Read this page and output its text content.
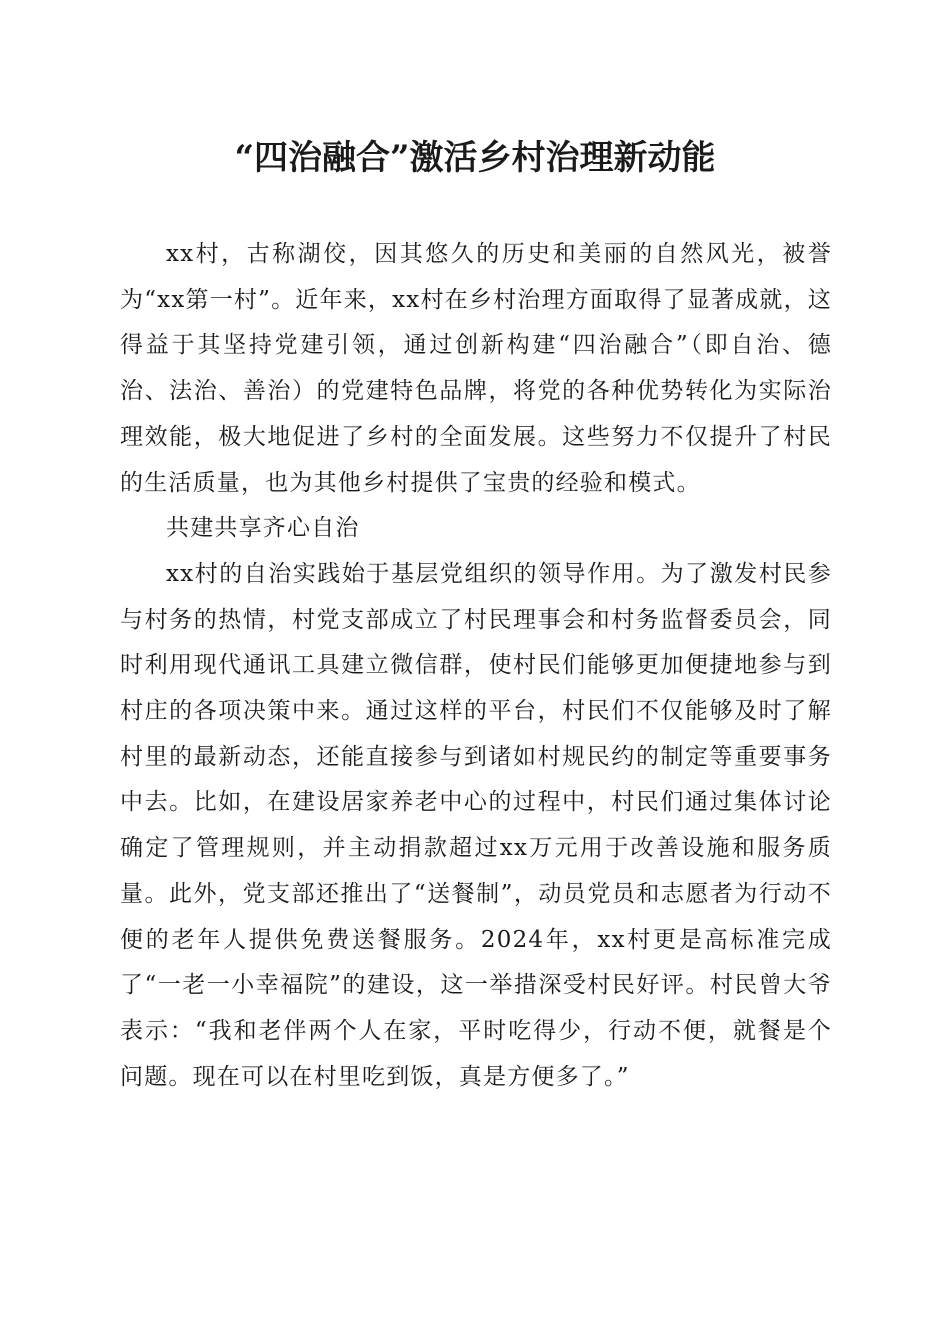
“四治融合”激活乡村治理新动能

xx村，古称湖佼，因其悠久的历史和美丽的自然风光，被誉为“xx第一村”。近年来，xx村在乡村治理方面取得了显著成就，这得益于其坚持党建引领，通过创新构建“四治融合”（即自治、德治、法治、善治）的党建特色品牌，将党的各种优势转化为实际治理效能，极大地促进了乡村的全面发展。这些努力不仅提升了村民的生活质量，也为其他乡村提供了宝贵的经验和模式。

共建共享齐心自治

xx村的自治实践始于基层党组织的领导作用。为了激发村民参与村务的热情，村党支部成立了村民理事会和村务监督委员会，同时利用现代通讯工具建立微信群，使村民们能够更加便捷地参与到村庄的各项决策中来。通过这样的平台，村民们不仅能够及时了解村里的最新动态，还能直接参与到诸如村规民约的制定等重要事务中去。比如，在建设居家养老中心的过程中，村民们通过集体讨论确定了管理规则，并主动捐款超过xx万元用于改善设施和服务质量。此外，党支部还推出了“送餐制”，动员党员和志愿者为行动不便的老年人提供免费送餐服务。2024年，xx村更是高标准完成了“一老一小幸福院”的建设，这一举措深受村民好评。村民曾大爷表示：“我和老伴两个人在家，平时吃得少，行动不便，就餐是个问题。现在可以在村里吃到饭，真是方便多了。”
